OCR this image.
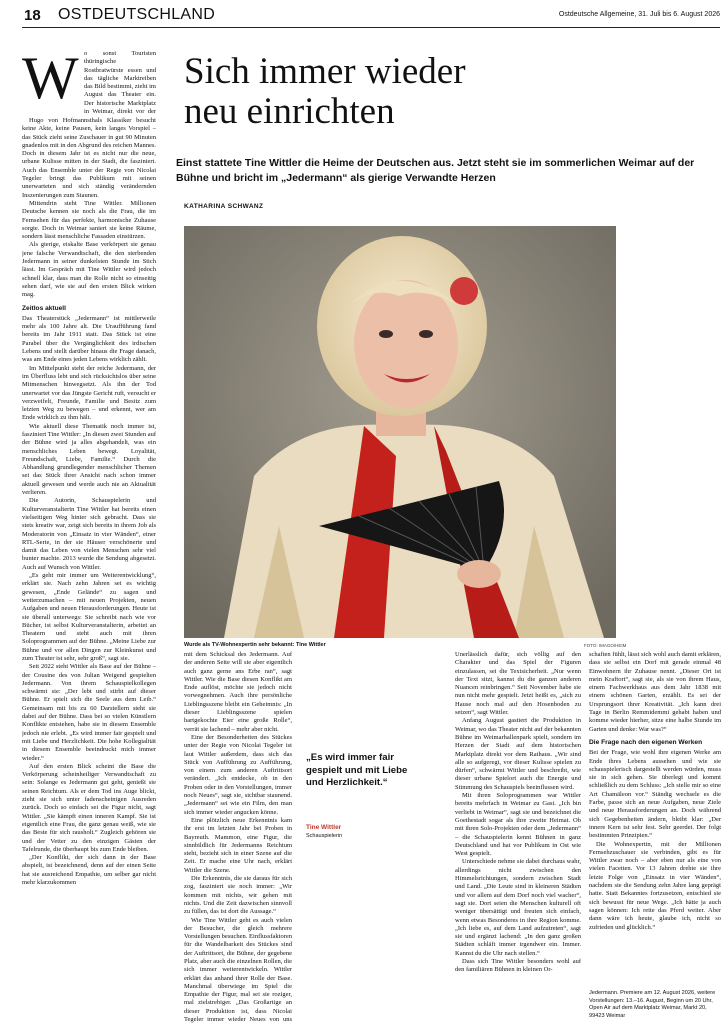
18 OSTDEUTSCHLAND	Ostdeutsche Allgemeine, 31. Juli bis 6. August 2026
W o sonst Touristen thüringische Rostbratwürste essen und das tägliche Marktreiben das Bild bestimmt, zieht im August das Theater ein. Der historische Marktplatz in Weimar, direkt vor der

Hugo von Hofmannsthals Klassiker besucht keine Akte, keine Pausen, kein langes Vorspiel – das Stück zieht seine Zuschauer in gut 90 Minuten gnadenlos mit in den Abgrund des reichen Mannes. Doch in diesem Jahr ist es nicht nur die neue, urbane Kulisse mitten in der Stadt, die fasziniert. Auch das Ensemble unter der Regie von Nicolai Tegeler bringt das Publikum mit seinen unerwarteten und sich ständig verändernden Inszenierungen zum Staunen.

Mittendrin steht Tine Wittler. Millionen Deutsche kennen sie noch als die Frau, die im Fernsehen für das perfekte, harmonische Zuhause sorgte. Doch in Weimar saniert sie keine Räume, sondern lässt menschliche Fassaden einstürzen.

Als gierige, eiskalte Base verkörpert sie genau jene falsche Verwandtschaft, die den sterbenden Jedermann in seiner dunkelsten Stunde im Stich lässt. Im Gespräch mit Tine Wittler wird jedoch schnell klar, dass man die Rolle nicht so einseitig sehen darf, wie sie auf den ersten Blick wirken mag.

Zeitlos aktuell

Das Theaterstück „Jedermann“ ist mittlerweile mehr als 100 Jahre alt. Die Uraufführung fand bereits im Jahr 1911 statt. Das Stück ist eine Parabel über die Vergänglichkeit des irdischen Lebens und stellt darüber hinaus die Frage danach, was am Ende eines jeden Lebens wirklich zählt.

Im Mittelpunkt steht der reiche Jedermann, der im Überfluss lebt und sich rücksichtslos über seine Mitmenschen hinwegsetzt. Als ihn der Tod unerwartet vor das Jüngste Gericht ruft, versucht er verzweifelt, Freunde, Familie und Besitz zum letzten Weg zu bewegen – und erkennt, wer am Ende wirklich zu ihm hält.

Wie aktuell diese Thematik noch immer ist, fasziniert Tine Wittler: „In diesen zwei Stunden auf der Bühne wird ja alles abgehandelt, was ein menschliches Leben bewegt. Loyalität, Freundschaft, Liebe, Familie.“ Durch die Abhandlung grundlegender menschlicher Themen sei das Stück ihrer Ansicht nach schon immer aktuell gewesen und werde auch nie an Aktualität verlieren.

Die Autorin, Schauspielerin und Kulturveranstalterin Tine Wittler hat bereits einen vielseitigen Weg hinter sich gebracht. Dass sie stets kreativ war, zeigt sich bereits in ihrem Job als Moderatorin von „Einsatz in vier Wänden“, einer RTL-Serie, in der sie Häuser verschönerte und damit das Leben von vielen Menschen sehr viel bunter machte. 2013 wurde die Sendung abgesetzt. Auch auf Wunsch von Wittler.

„Es geht mir immer um Weiterentwicklung“, erklärt sie. Nach zehn Jahren sei es wichtig gewesen, „Ende Gelände“ zu sagen und weiterzumachen – mit neuen Projekten, neuen Aufgaben und neuen Herausforderungen. Heute ist sie überall unterwegs: Sie schreibt nach wie vor Bücher, ist selbst Kulturveranstalterin, arbeitet an Theatern und steht auch mit ihren Soloprogrammen auf der Bühne. „Meine Liebe zur Bühne und vor allen Dingen zur Kleinkunst und zum Theater ist sehr, sehr groß“, sagt sie.

Seit 2022 steht Wittler als Base auf der Bühne – der Cousine des von Julian Weigend gespielten Jedermann. Von ihrem Schauspielkollegen schwärmt sie: „Der lebt und stirbt auf dieser Bühne. Er spielt sich die Seele aus dem Leib.“ Gemeinsam mit bis zu 60 Darstellern steht sie dabei auf der Bühne. Dass bei so vielen Künstlern Konflikte entstehen, habe sie in diesem Ensemble jedoch nie erlebt. „Es wird immer fair gespielt und mit Liebe und Herzlichkeit. Die hohe Kollegialität in diesem Ensemble beeindruckt mich immer wieder.“

Auf den ersten Blick scheint die Base die Verkörperung scheinheiliger Verwandtschaft zu sein: Solange es Jedermann gut geht, genießt sie seinen Reichtum. Als er dem Tod ins Auge blickt, zieht sie sich unter fadenscheinigen Ausreden zurück. Doch so einfach sei die Figur nicht, sagt Wittler. „Sie kämpft einen inneren Kampf. Sie ist eigentlich eine Frau, die ganz genau weiß, wie sie das Beste für sich rausholt.“ Zugleich gehören sie und der Vetter zu den einzigen Gästen der Tafelrunde, die überhaupt bis zum Ende bleiben.

„Der Konflikt, der sich dann in der Base abspielt, ist bezeichnend, denn auf der einen Seite hat sie ausreichend Empathie, um selber gar nicht mehr klarzukommen

Sich immer wieder
neu einrichten
Einst stattete Tine Wittler die Heime der Deutschen aus. Jetzt steht sie im sommerlichen Weimar auf der Bühne und bricht im „Jedermann“ als gierige Verwandte Herzen
KATHARINA SCHWANZ
Wurde als TV-Wohnexpertin sehr bekannt: Tine Wittler	FOTO: IMAGO/HEIM

mit dem Schicksal des Jedermann. Auf der anderen Seite will sie aber eigentlich auch ganz gerne ans Erbe ran“, sagt Wittler. Wie die Base diesen Konflikt am Ende auflöst, möchte sie jedoch nicht vorwegnehmen. Auch ihre persönliche Lieblingsszene bleibt ein Geheimnis: „In dieser Lieblingsszene spielen hartgekochte Eier eine große Rolle“, verrät sie lachend – mehr aber nicht.

Eine der Besonderheiten des Stückes unter der Regie von Nicolai Tegeler ist laut Wittler außerdem, dass sich das Stück von Aufführung zu Aufführung, von einem zum anderen Auftrittsort verändert. „Ich entdecke, ob in den Proben oder in den Vorstellungen, immer noch Neues“, sagt sie, sichtbar staunend. „Jedermann“ sei wie ein Film, den man sich immer wieder angucken könne.

Eine plötzlich neue Erkenntnis kam ihr erst im letzten Jahr bei Proben in Bayreuth. Mammon, eine Figur, die sinnbildlich für Jedermanns Reichtum steht, bezieht sich in einer Szene auf die Zeit. Er mache eine Uhr nach, erklärt Wittler die Szene.

Die Erkenntnis, die sie daraus für sich zog, fasziniert sie noch immer: „Wir kommen mit nichts, wir gehen mit nichts. Und die Zeit dazwischen sinnvoll zu füllen, das ist dort die Aussage.“

Wie Tine Wittler geht es auch vielen der Besucher, die gleich mehrere Vorstellungen besuchen. Einflussfaktoren für die Wandelbarkeit des Stückes sind der Auftrittsort, die Bühne, der gegebene Platz, aber auch die einzelnen Rollen, die sich immer weiterentwickeln. Wittler erklärt das anhand ihrer Rolle der Base. Manchmal überwiege im Spiel die Empathie der Figur, mal sei sie roziger, mal zielstrebiger. „Das Großartige an dieser Produktion ist, dass Nicolai Tegeler immer wieder Neues von uns

„Es wird immer fair gespielt und mit Liebe und Herzlichkeit.“
Tine Wittler
Schauspielerin

Unerlässlich dafür, sich völlig auf den Charakter und das Spiel der Figuren einzulassen, sei die Textsicherheit. „Nur wenn der Text sitzt, kannst du die ganzen anderen Nuancen reinbringen.“ Seit November habe sie nun nicht mehr gespielt. Jetzt heißt es, „sich zu Hause noch mal auf den Hosenboden zu setzen“, sagt Wittler.

Anfang August gastiert die Produktion in Weimar, wo das Theater nicht auf der bekannten Bühne im Weimarhallenpark spielt, sondern im Herzen der Stadt auf dem historischen Marktplatz direkt vor dem Rathaus. „Wir sind alle so aufgeregt, vor dieser Kulisse spielen zu dürfen“, schwärmt Wittler und beschreibt, wie dieser urbane Spielort auch die Energie und Stimmung des Schauspiels beeinflussen wird.

Mit ihren Soloprogrammen war Wittler bereits mehrfach in Weimar zu Gast. „Ich bin verliebt in Weimar“, sagt sie und bezeichnet die Goethestadt sogar als ihre zweite Heimat. Ob mit ihren Solo-Projekten oder dem „Jedermann“ – die Schauspielerin kennt Bühnen in ganz Deutschland und hat vor Publikum in Ost wie West gespielt.

Unterschiede nehme sie dabei durchaus wahr, allerdings nicht zwischen den Himmelsrichtungen, sondern zwischen Stadt und Land. „Die Leute sind in kleineren Städten und vor allem auf dem Dorf noch viel wacher“, sagt sie. Dort seien die Menschen kulturell oft weniger übersättigt und freuten sich einfach, wenn etwas Besonderes in ihre Region komme. „Ich liebe es, auf dem Land aufzutreten“, sagt sie und ergänzt lachend: „In den ganz großen Städten schläft immer irgendwer ein. Immer. Kannst du die Uhr nach stellen.“

Dass sich Tine Wittler besonders wohl auf den familiären Bühnen in kleinen Or-

schaften fühlt, lässt sich wohl auch damit erklären, dass sie selbst ein Dorf mit gerade einmal 48 Einwohnern ihr Zuhause nennt. „Dieser Ort ist mein Kraftort“, sagt sie, als sie von ihrem Haus, einem Fachwerkhaus aus dem Jahr 1838 mit einem schönen Garten, erzählt. Es sei der Ursprungsort ihrer Kreativität. „Ich kann drei Tage in Berlin Remmidemmi gehabt haben und komme wieder hierher, sitze eine halbe Stunde im Garten und denke: War was?“

Die Frage nach den eigenen Werken

Bei der Frage, wie wohl ihre eigenen Werke am Ende ihres Lebens aussehen und wie sie schauspielerisch dargestellt werden würden, muss sie in sich gehen. Sie überlegt und kommt schließlich zu dem Schluss: „Ich stelle mir so eine Art Chamäleon vor.“ Ständig wechsele es die Farbe, passe sich an neue Aufgaben, neue Ziele und neue Herausforderungen an. Doch während sich Gegebenheiten ändern, bleibt klar: „Der innere Kern ist sehr fest. Sehr geerdet. Der folgt bestimmten Prinzipien.“

Die Wohnexpertin, mit der Millionen Fernsehzuschauer sie verbinden, gibt es für Wittler zwar noch – aber eben nur als eine von vielen Facetten. Vor 13 Jahren drehte sie ihre letzte Folge von „Einsatz in vier Wänden“, nachdem sie die Sendung zehn Jahre lang geprägt hatte. Statt Bekanntes fortzusetzen, entschied sie sich bewusst für neue Wege. „Ich hätte ja auch sagen können: Ich reite das Pferd weiter. Aber dann wäre ich heute, glaube ich, nicht so zufrieden und glücklich.“

Jedermann. Premiere am 12. August 2026, weitere Vorstellungen: 13.–16. August, Beginn um 20 Uhr, Open Air auf dem Marktplatz Weimar, Markt 20, 99423 Weimar
